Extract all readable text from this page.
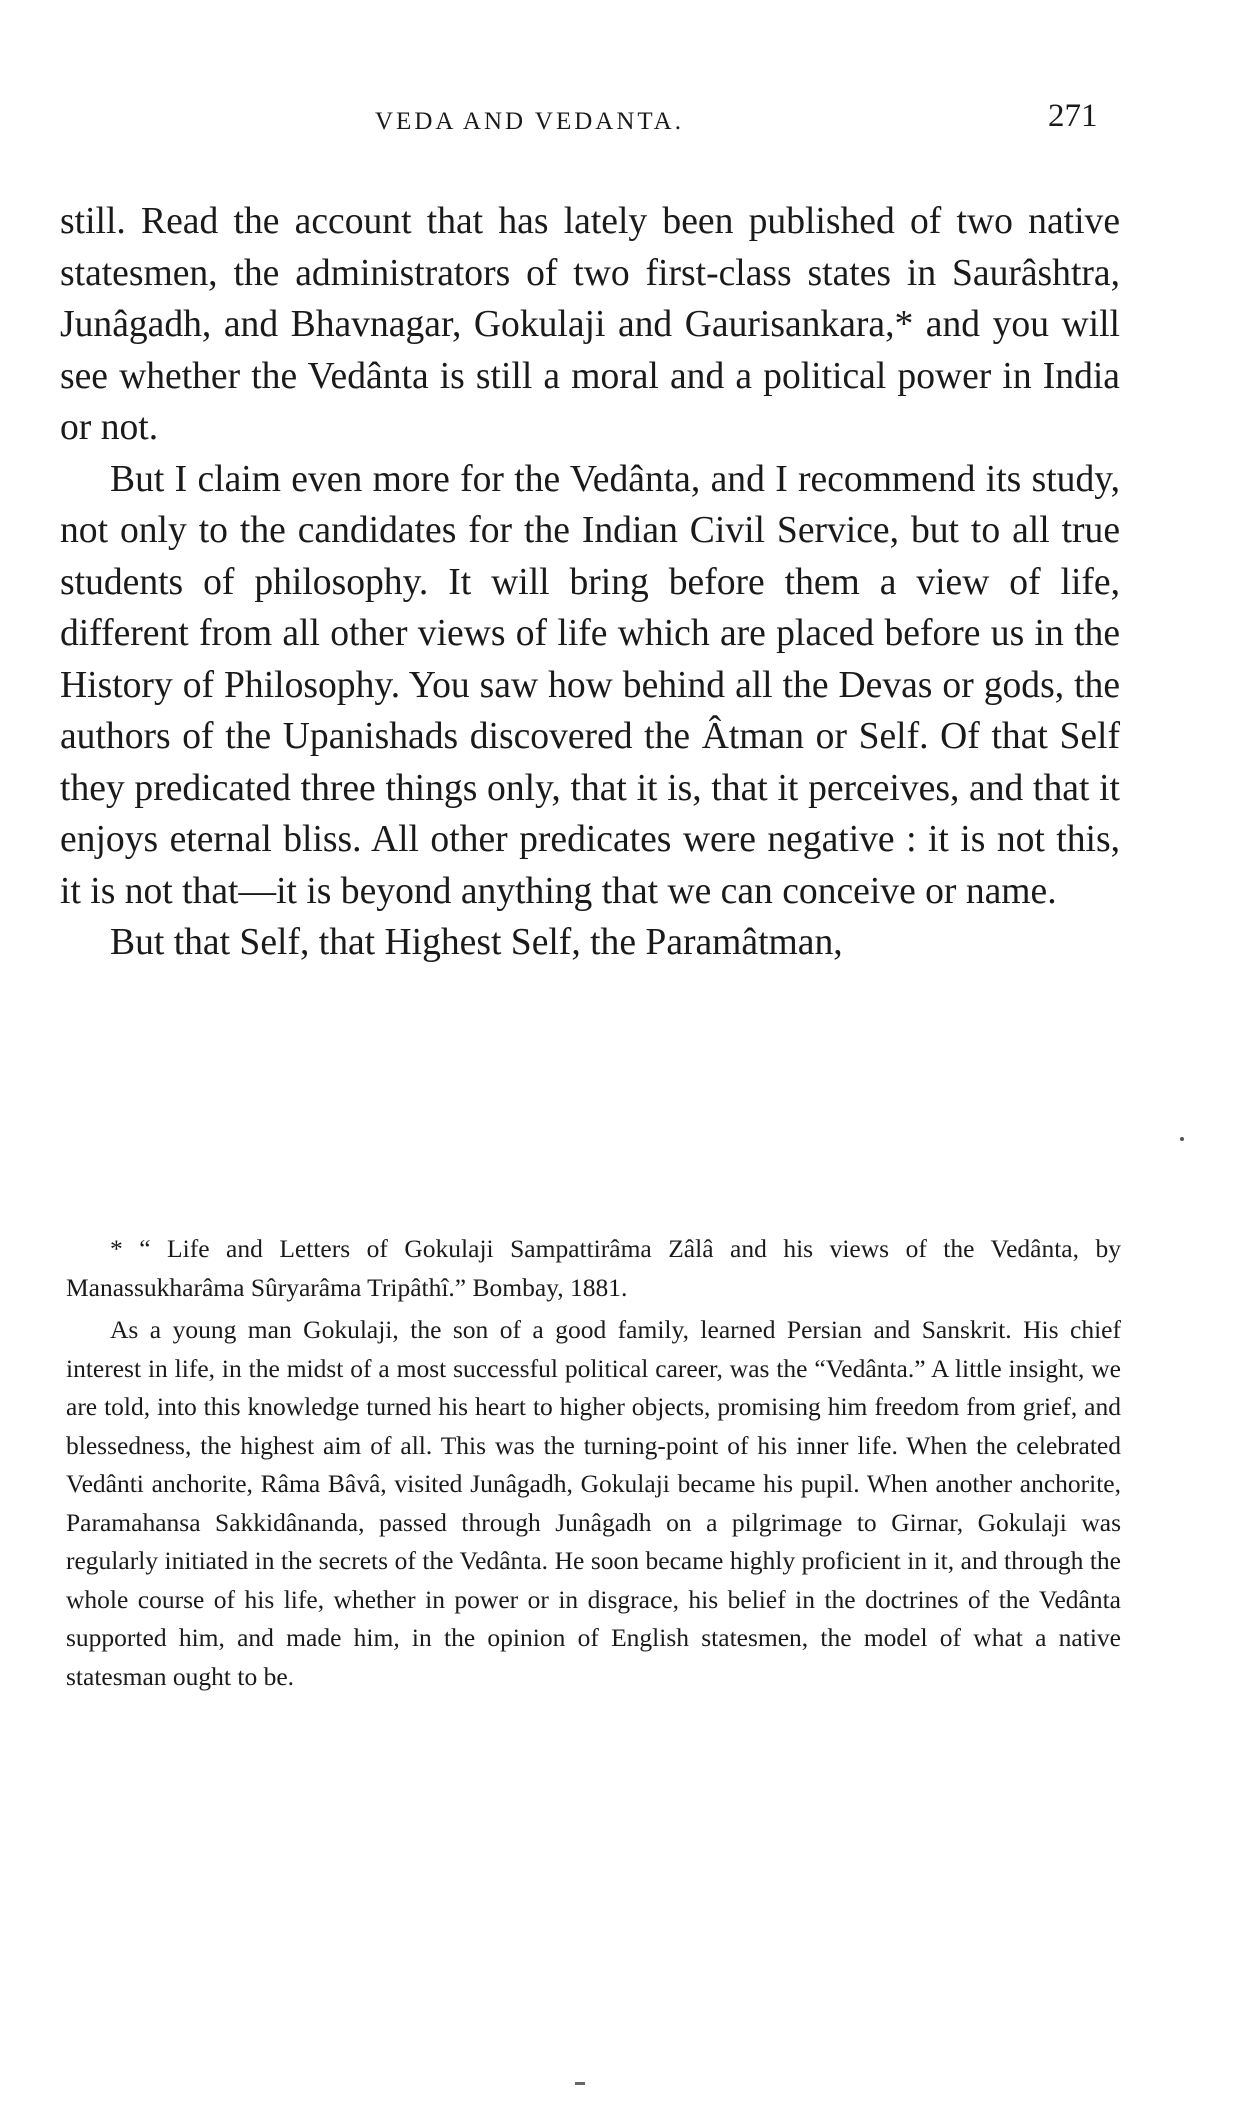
VEDA AND VEDANTA.	271

still. Read the account that has lately been published of two native statesmen, the administrators of two first-class states in Saurâshtra, Junâgadh, and Bhavnagar, Gokulaji and Gaurisankara,* and you will see whether the Vedânta is still a moral and a political power in India or not.

But I claim even more for the Vedânta, and I recommend its study, not only to the candidates for the Indian Civil Service, but to all true students of philosophy. It will bring before them a view of life, different from all other views of life which are placed before us in the History of Philosophy. You saw how behind all the Devas or gods, the authors of the Upanishads discovered the Âtman or Self. Of that Self they predicated three things only, that it is, that it perceives, and that it enjoys eternal bliss. All other predicates were negative : it is not this, it is not that—it is beyond anything that we can conceive or name.

But that Self, that Highest Self, the Paramâtman,

* “ Life and Letters of Gokulaji Sampattirâma Zâlâ and his views of the Vedânta, by Manassukharâma Sûryarâma Tripâthî.” Bombay, 1881.

As a young man Gokulaji, the son of a good family, learned Persian and Sanskrit. His chief interest in life, in the midst of a most successful political career, was the “Vedânta.” A little insight, we are told, into this knowledge turned his heart to higher objects, promising him freedom from grief, and blessedness, the highest aim of all. This was the turning-point of his inner life. When the celebrated Vedânti anchorite, Râma Bâvâ, visited Junâgadh, Gokulaji became his pupil. When another anchorite, Paramahansa Sakkidânanda, passed through Junâgadh on a pilgrimage to Girnar, Gokulaji was regularly initiated in the secrets of the Vedânta. He soon became highly proficient in it, and through the whole course of his life, whether in power or in disgrace, his belief in the doctrines of the Vedânta supported him, and made him, in the opinion of English statesmen, the model of what a native statesman ought to be.
